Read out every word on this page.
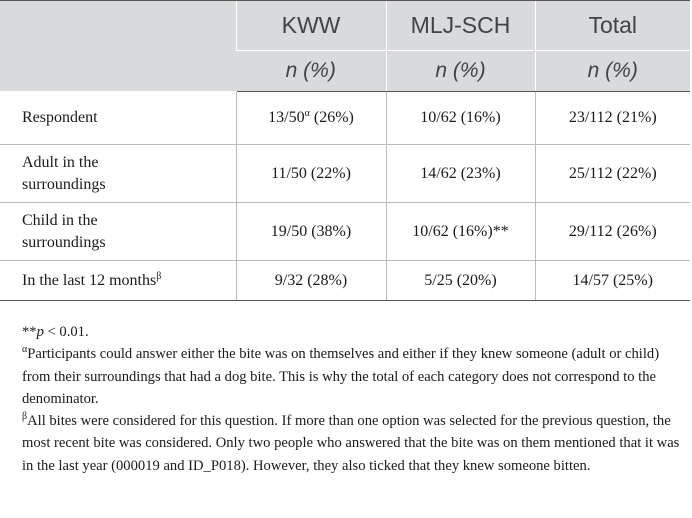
	KWW	MLJ-SCH	Total
	n (%)	n (%)	n (%)
Respondent	$13/50^\alpha$ (26%)	10/62 (16%)	23/112 (21%)
Adult in the
surroundings	11/50 (22%)	14/62 (23%)	25/112 (22%)
Child in the
surroundings	19/50 (38%)	10/62 (16%)**	29/112 (26%)
In the last 12 months$^\beta$	9/32 (28%)	5/25 (20%)	14/57 (25%)

**p < 0.01.

$^\alpha$Participants could answer either the bite was on themselves and either if they knew someone (adult or child) from their surroundings that had a dog bite. This is why the total of each category does not correspond to the denominator.

$^\beta$All bites were considered for this question. If more than one option was selected for the previous question, the most recent bite was considered. Only two people who answered that the bite was on them mentioned that it was in the last year (000019 and ID_P018). However, they also ticked that they knew someone bitten.
